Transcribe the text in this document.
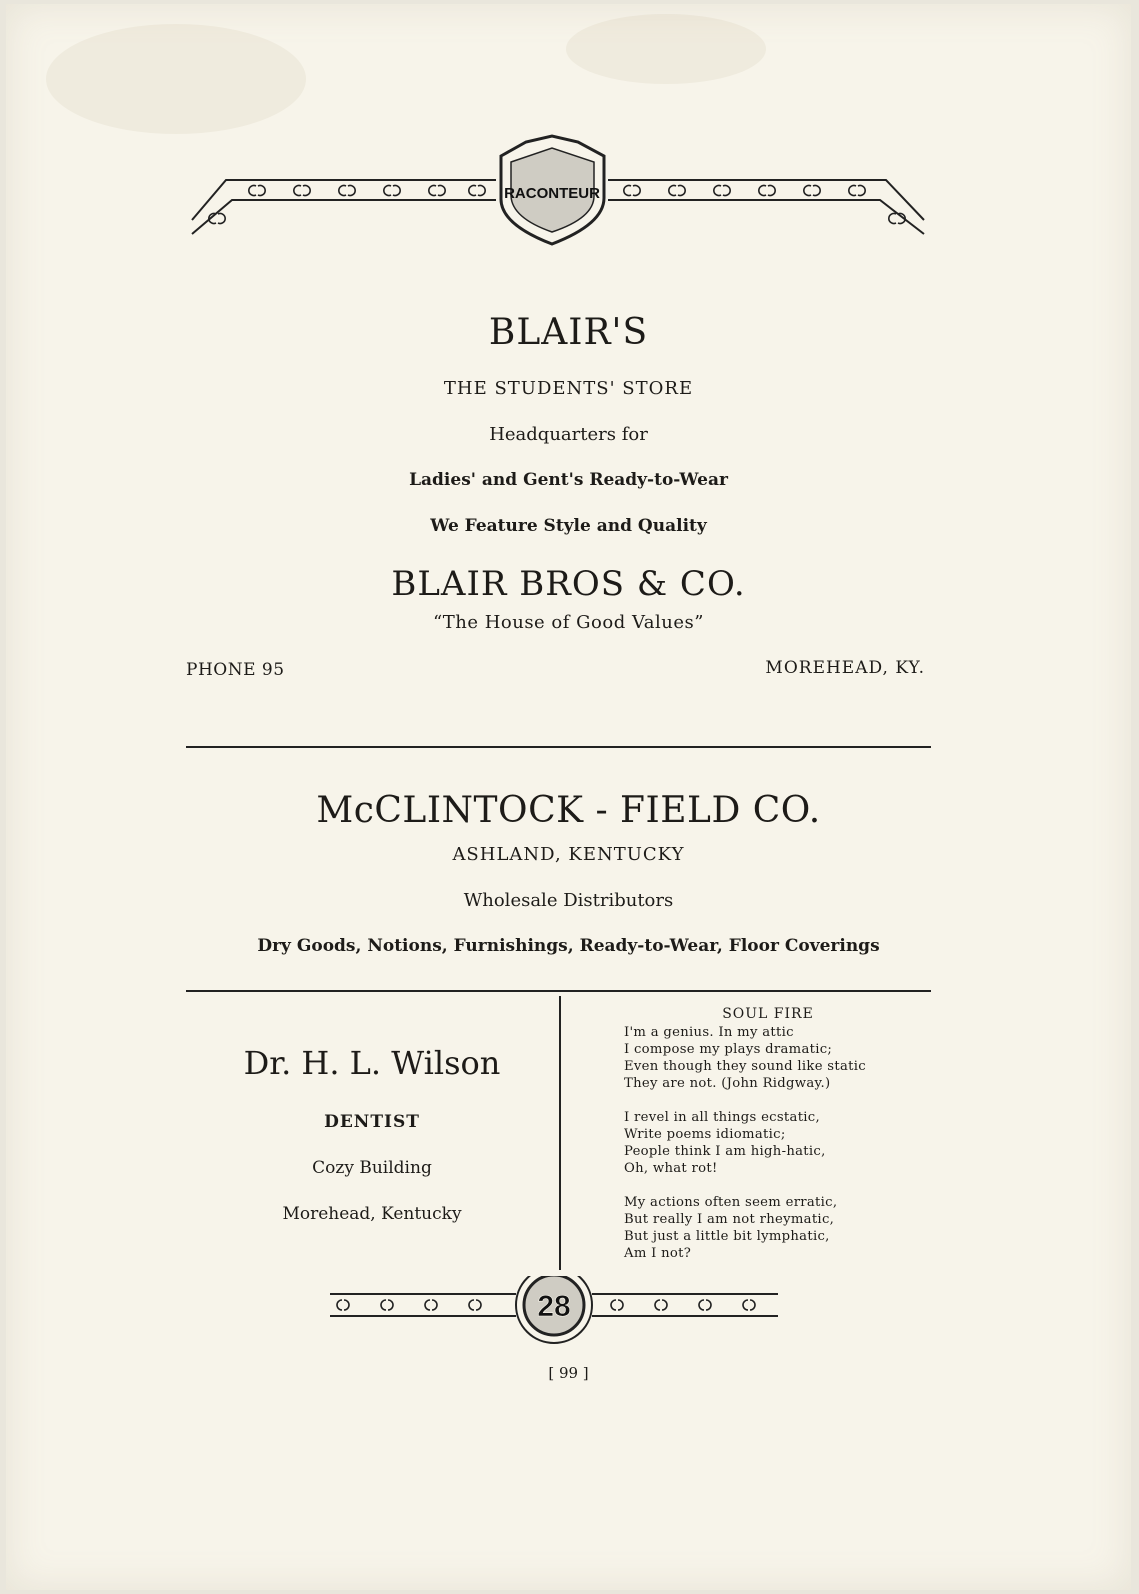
RACONTEUR
BLAIR'S
THE STUDENTS' STORE
Headquarters for
Ladies' and Gent's Ready-to-Wear
We Feature Style and Quality
BLAIR BROS & CO.
“The House of Good Values”
PHONE 95	MOREHEAD, KY.
McCLINTOCK - FIELD CO.
ASHLAND, KENTUCKY
Wholesale Distributors
Dry Goods, Notions, Furnishings, Ready-to-Wear, Floor Coverings
Dr. H. L. Wilson
DENTIST
Cozy Building
Morehead, Kentucky
SOUL FIRE
I'm a genius. In my attic
I compose my plays dramatic;
Even though they sound like static
They are not. (John Ridgway.)
I revel in all things ecstatic,
Write poems idiomatic;
People think I am high-hatic,
Oh, what rot!
My actions often seem erratic,
But really I am not rheymatic,
But just a little bit lymphatic,
Am I not?
28
[ 99 ]
